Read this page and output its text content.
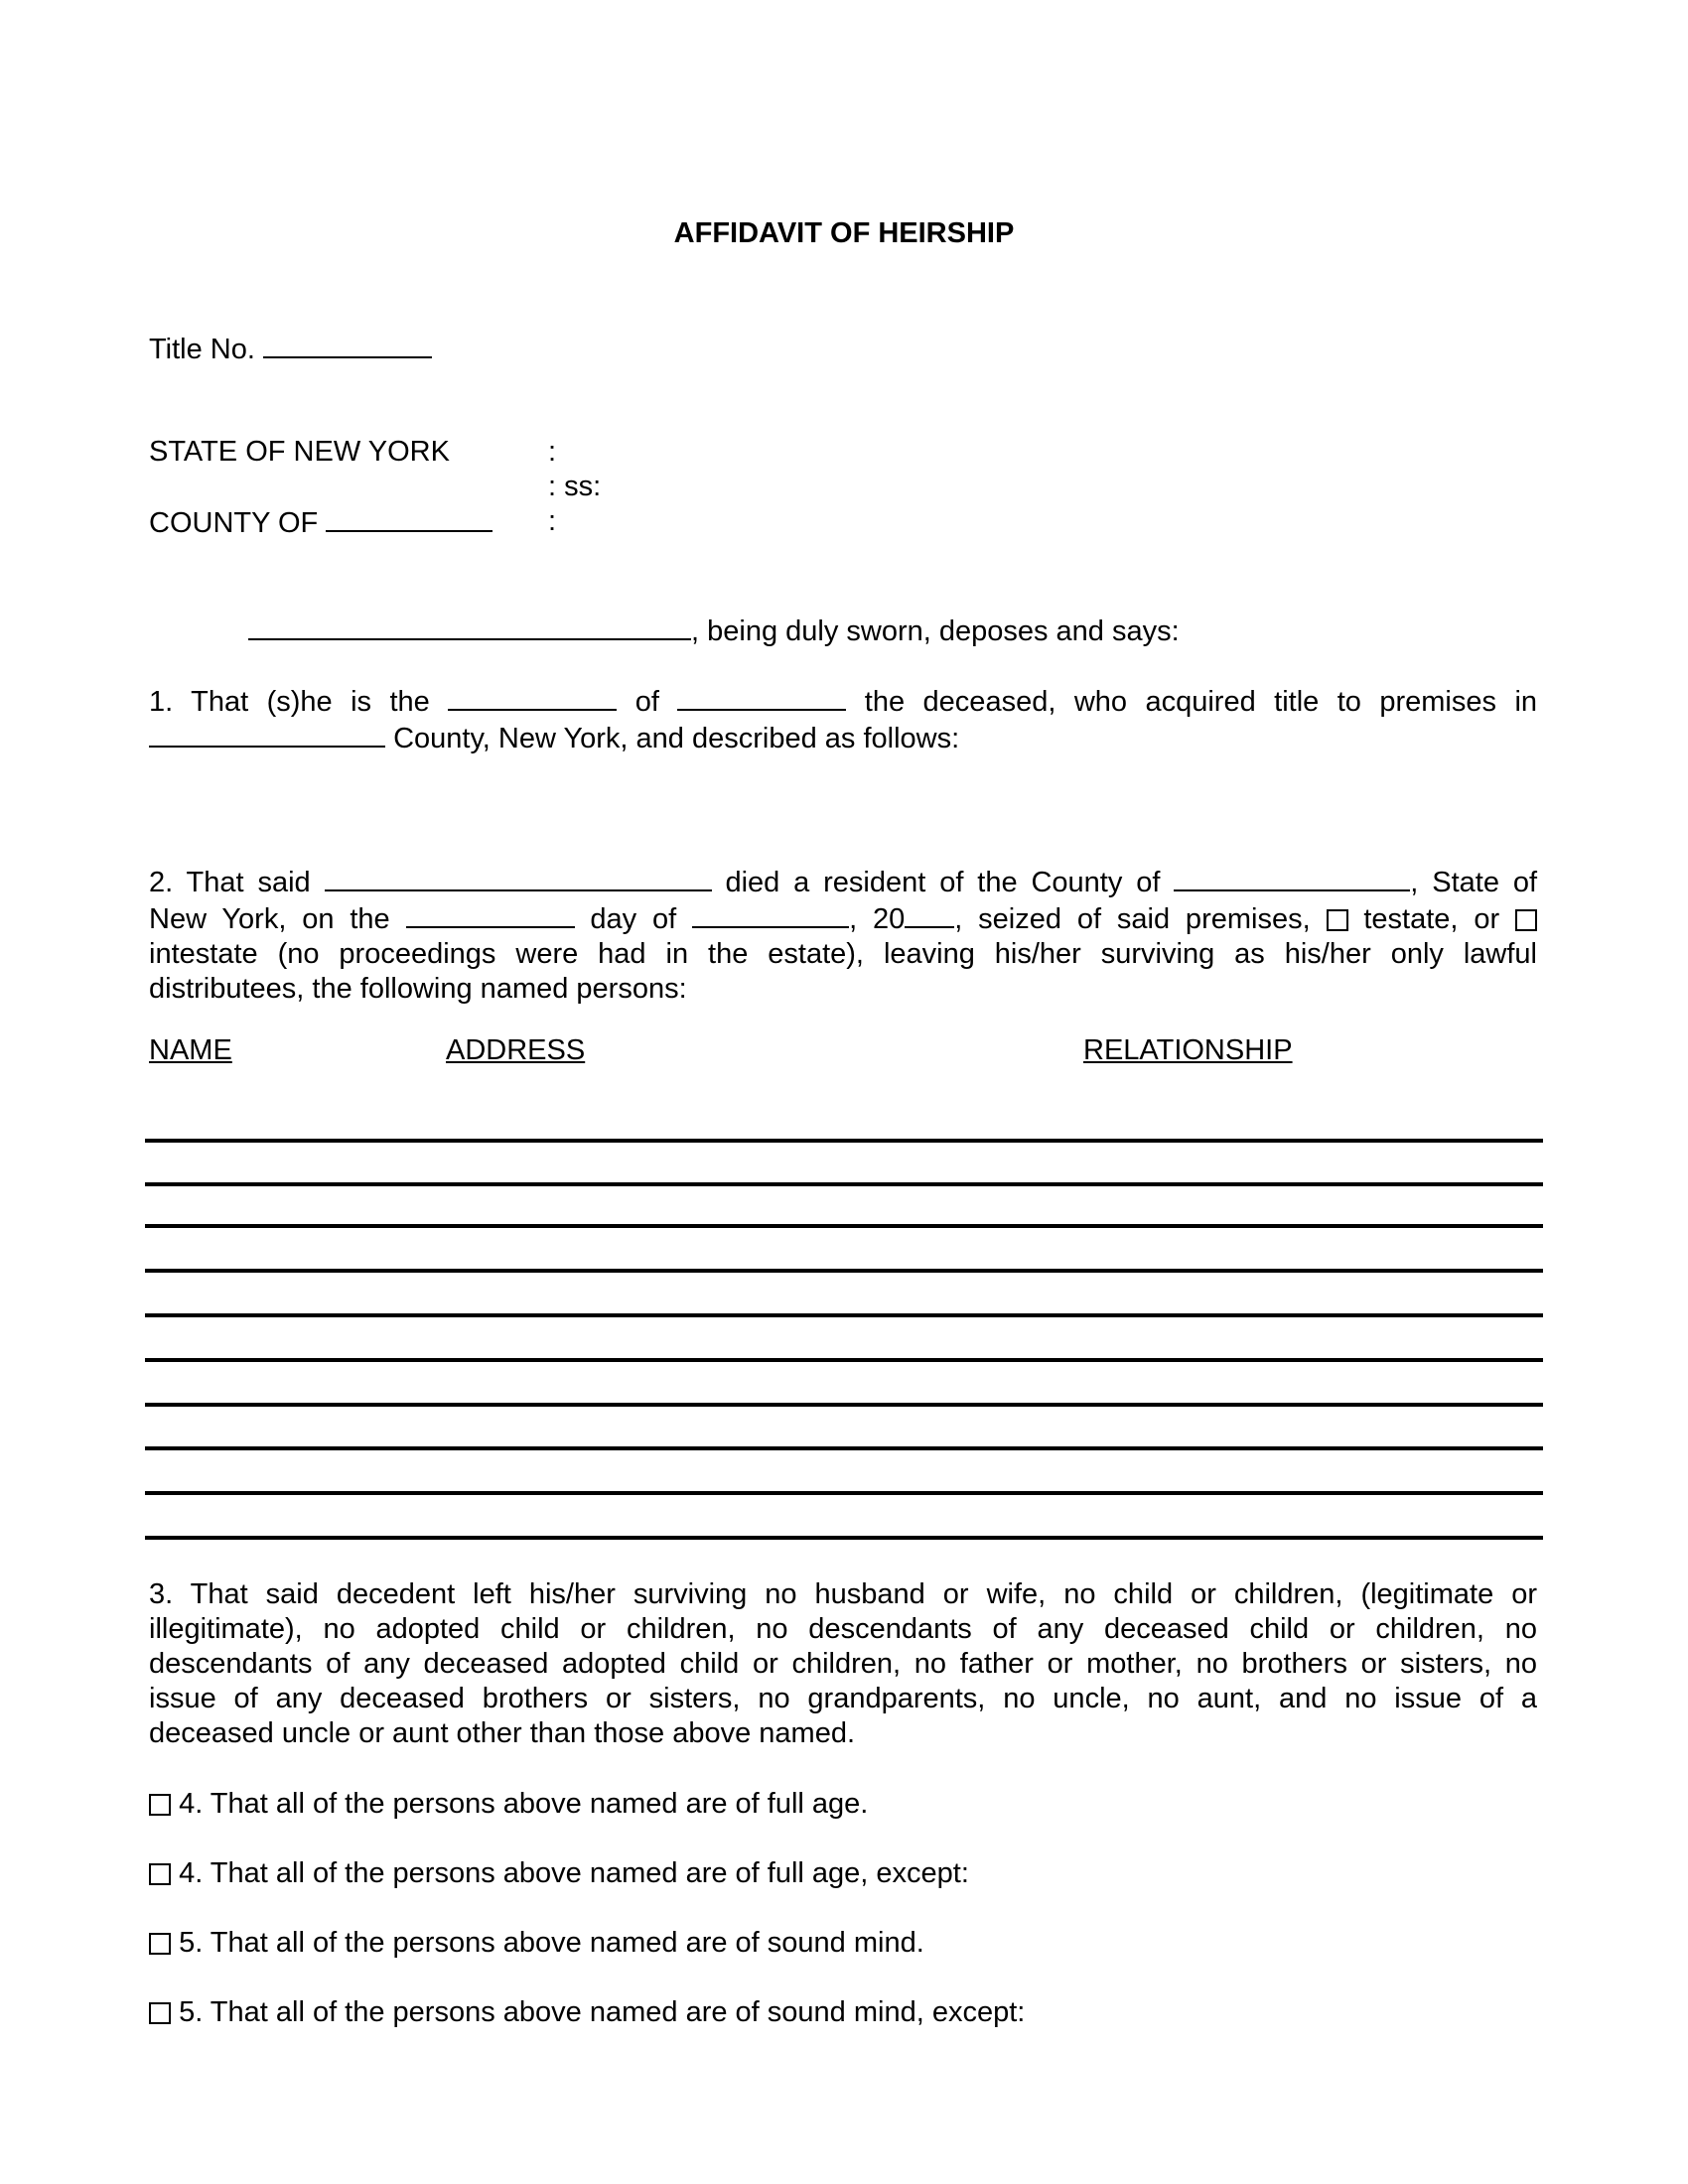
AFFIDAVIT OF HEIRSHIP
Title No.
STATE OF NEW YORK	:
: ss:
COUNTY OF	:
, being duly sworn, deposes and says:
1. That (s)he is the	of	the deceased, who acquired title to premises in
County, New York, and described as follows:
2. That said	died a resident of the County of	, State of
New York, on the	day of	, 20 , seized of said premises, testate, or
intestate (no proceedings were had in the estate), leaving his/her surviving as his/her only lawful
distributees, the following named persons:
NAME	ADDRESS	RELATIONSHIP
3. That said decedent left his/her surviving no husband or wife, no child or children, (legitimate or
illegitimate), no adopted child or children, no descendants of any deceased child or children, no
descendants of any deceased adopted child or children, no father or mother, no brothers or sisters, no
issue of any deceased brothers or sisters, no grandparents, no uncle, no aunt, and no issue of a
deceased uncle or aunt other than those above named.
4. That all of the persons above named are of full age.
4. That all of the persons above named are of full age, except:
5. That all of the persons above named are of sound mind.
5. That all of the persons above named are of sound mind, except:
